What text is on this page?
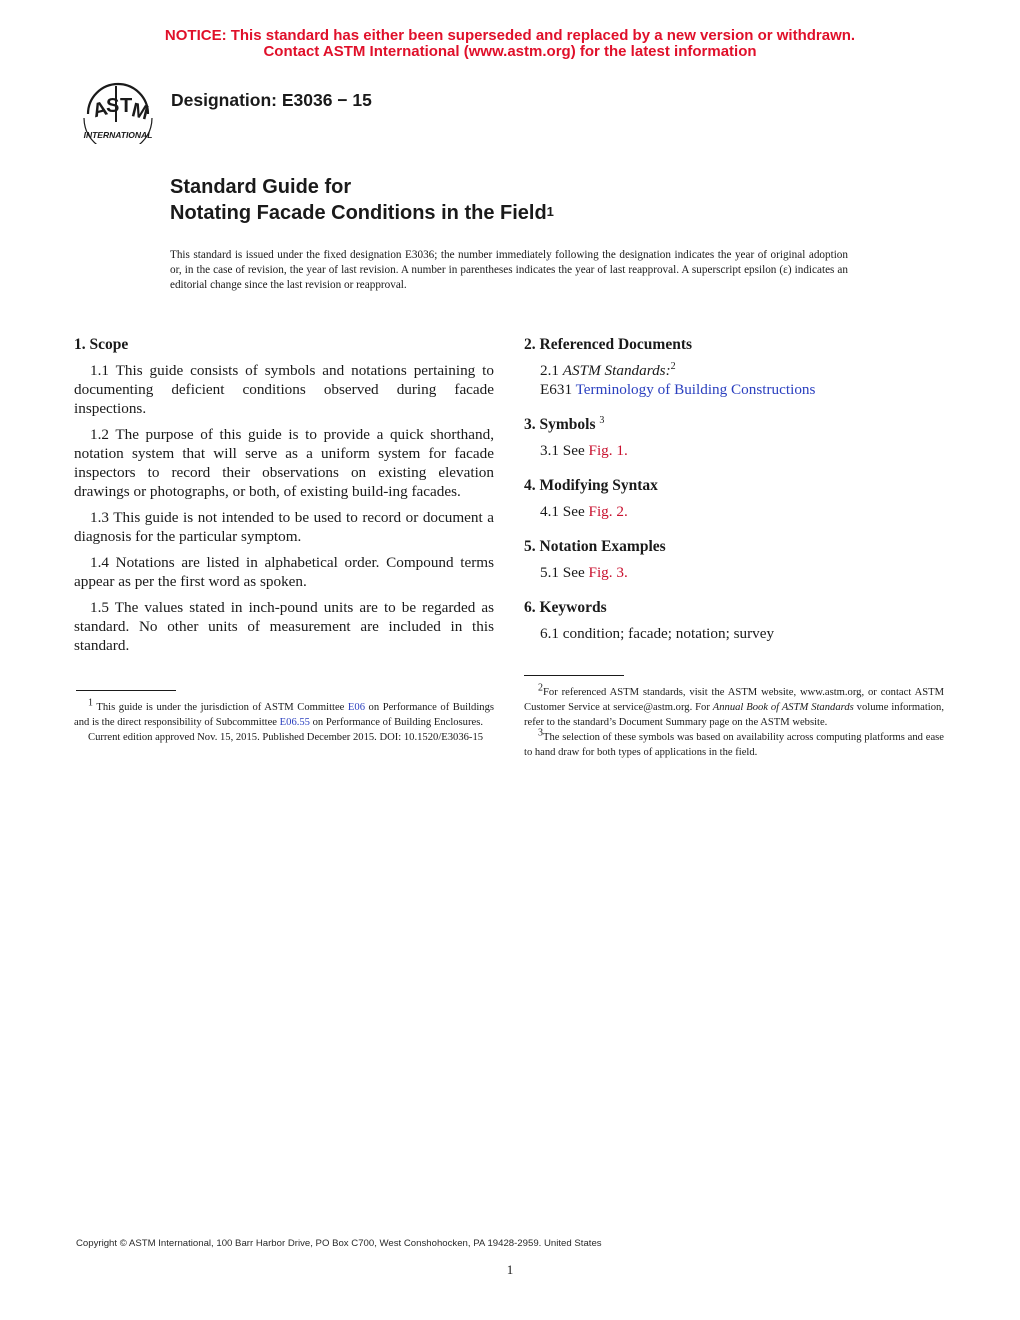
NOTICE: This standard has either been superseded and replaced by a new version or withdrawn.
Contact ASTM International (www.astm.org) for the latest information
A
S T
M
INTERNATIONAL
Designation: E3036 − 15
Standard Guide for
Notating Facade Conditions in the Field$^1$
This standard is issued under the fixed designation E3036; the number immediately following the designation indicates the year of original adoption or, in the case of revision, the year of last revision. A number in parentheses indicates the year of last reapproval. A superscript epsilon (ε) indicates an editorial change since the last revision or reapproval.
1. Scope
1.1 This guide consists of symbols and notations pertaining to documenting deficient conditions observed during facade inspections.
1.2 The purpose of this guide is to provide a quick shorthand, notation system that will serve as a uniform system for facade inspectors to record their observations on existing elevation drawings or photographs, or both, of existing build-ing facades.
1.3 This guide is not intended to be used to record or document a diagnosis for the particular symptom.
1.4 Notations are listed in alphabetical order. Compound terms appear as per the first word as spoken.
1.5 The values stated in inch-pound units are to be regarded as standard. No other units of measurement are included in this standard.
$^1$ This guide is under the jurisdiction of ASTM Committee E06 on Performance of Buildings and is the direct responsibility of Subcommittee E06.55 on Performance of Building Enclosures.
Current edition approved Nov. 15, 2015. Published December 2015. DOI: 10.1520/E3036-15
2. Referenced Documents
2.1 ASTM Standards:$^2$
E631 Terminology of Building Constructions
3. Symbols $^3$
3.1 See Fig. 1.
4. Modifying Syntax
4.1 See Fig. 2.
5. Notation Examples
5.1 See Fig. 3.
6. Keywords
6.1 condition; facade; notation; survey
$^2$For referenced ASTM standards, visit the ASTM website, www.astm.org, or contact ASTM Customer Service at service@astm.org. For Annual Book of ASTM Standards volume information, refer to the standard’s Document Summary page on the ASTM website.
$^3$The selection of these symbols was based on availability across computing platforms and ease to hand draw for both types of applications in the field.
Copyright © ASTM International, 100 Barr Harbor Drive, PO Box C700, West Conshohocken, PA 19428-2959. United States
1
